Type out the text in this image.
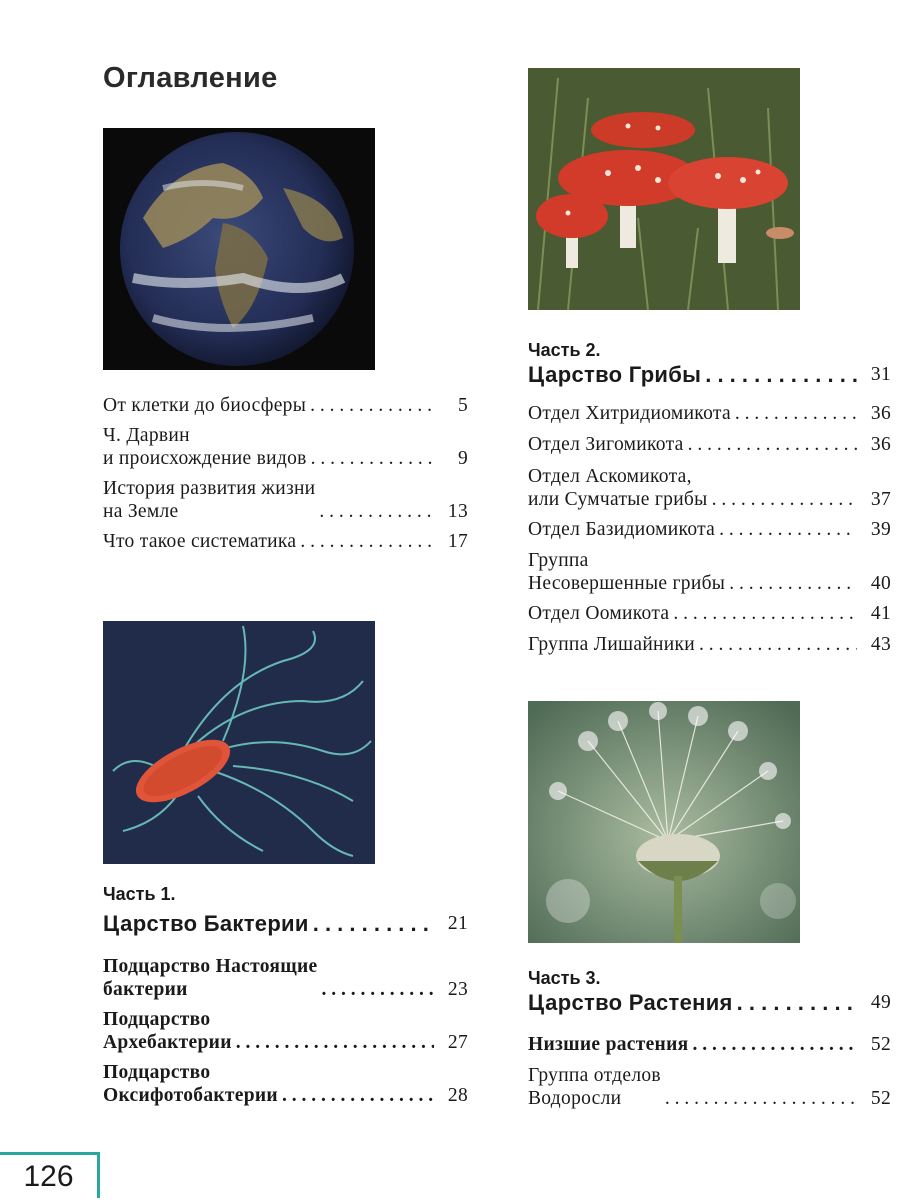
Оглавление
От клетки до биосферы . . .	5
Ч. Дарвин
и происхождение видов . . .	9
История развития жизни
на Земле . . .	13
Что такое систематика . . .	17
Часть 1.
Царство Бактерии . . .	21
Подцарство Настоящие
бактерии . . .	23
Подцарство
Архебактерии . . .	27
Подцарство
Оксифотобактерии . . .	28
Часть 2.
Царство Грибы . . .	31
Отдел Хитридиомикота . . .	36
Отдел Зигомикота . . .	36
Отдел Аскомикота,
или Сумчатые грибы . . .	37
Отдел Базидиомикота . . .	39
Группа
Несовершенные грибы . . .	40
Отдел Оомикота . . .	41
Группа Лишайники . . .	43
Часть 3.
Царство Растения . . .	49
Низшие растения . . .	52
Группа отделов
Водоросли . . .	52
126
